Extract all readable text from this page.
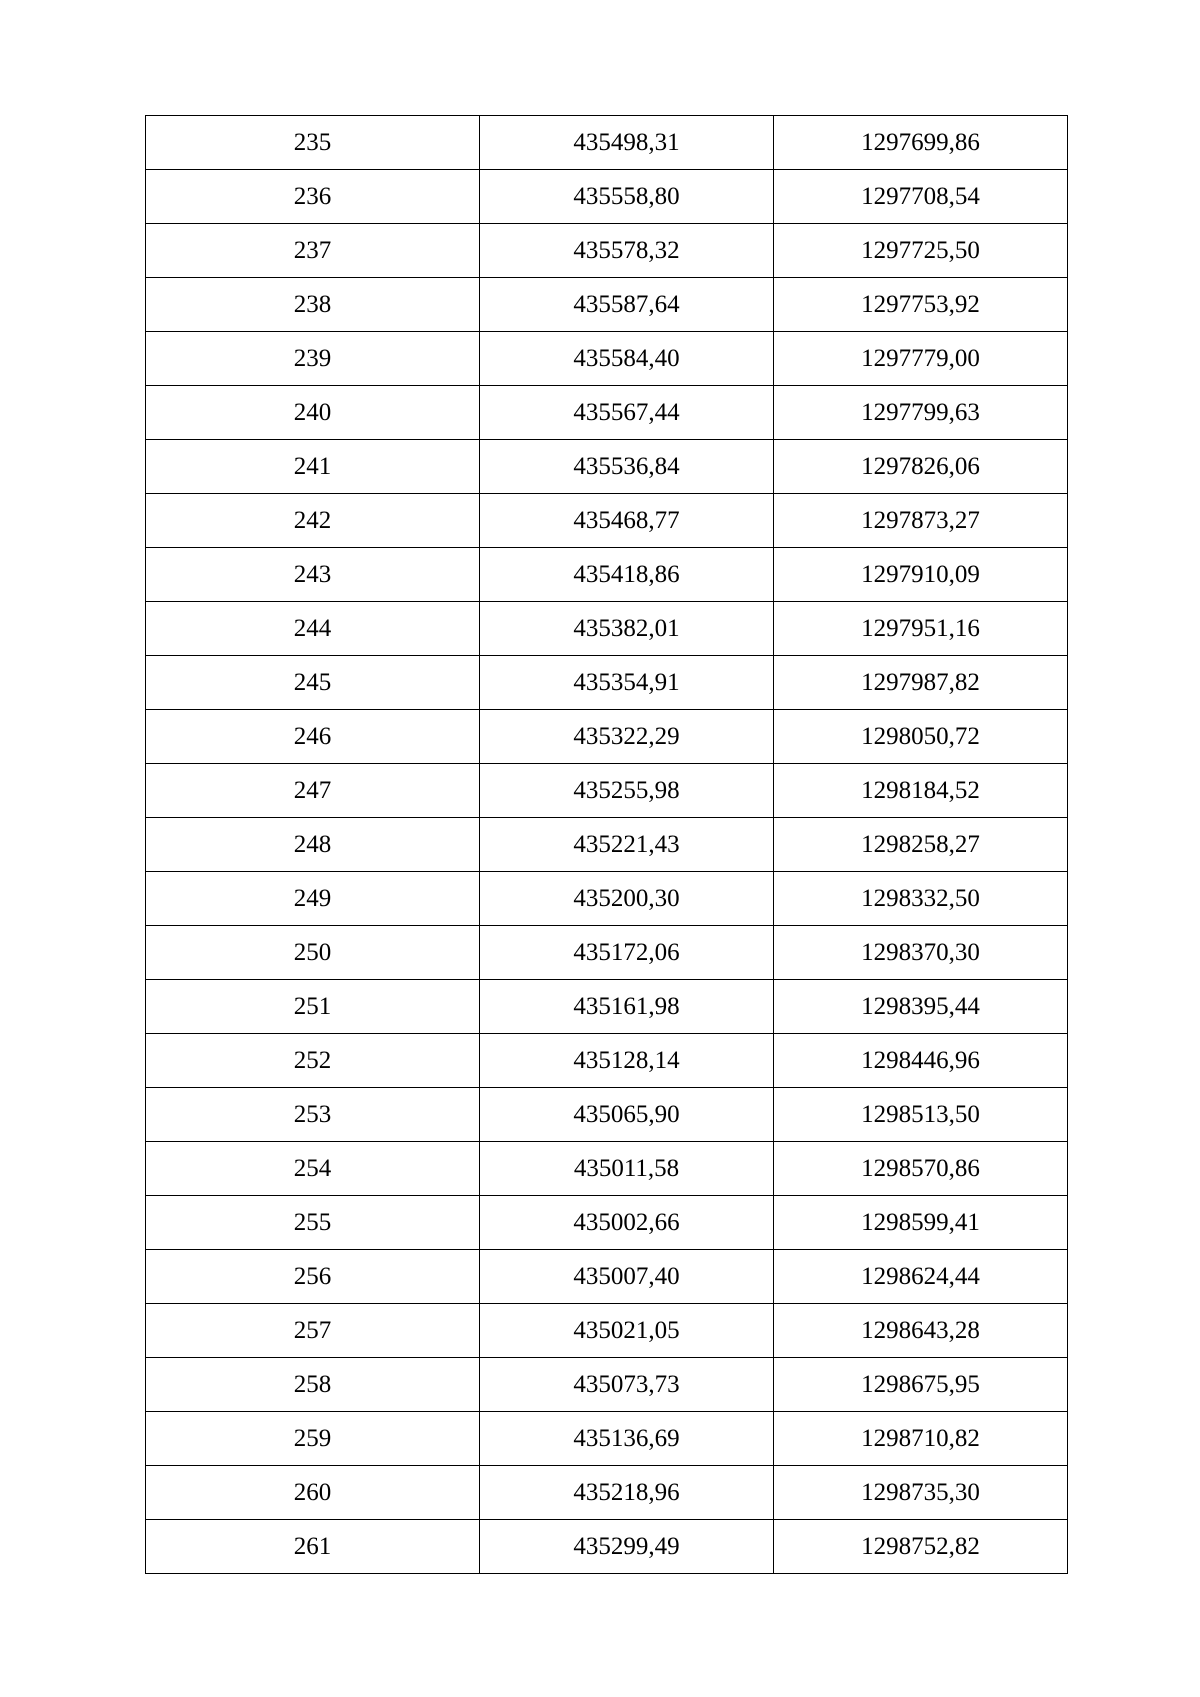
235	435498,31	1297699,86
236	435558,80	1297708,54
237	435578,32	1297725,50
238	435587,64	1297753,92
239	435584,40	1297779,00
240	435567,44	1297799,63
241	435536,84	1297826,06
242	435468,77	1297873,27
243	435418,86	1297910,09
244	435382,01	1297951,16
245	435354,91	1297987,82
246	435322,29	1298050,72
247	435255,98	1298184,52
248	435221,43	1298258,27
249	435200,30	1298332,50
250	435172,06	1298370,30
251	435161,98	1298395,44
252	435128,14	1298446,96
253	435065,90	1298513,50
254	435011,58	1298570,86
255	435002,66	1298599,41
256	435007,40	1298624,44
257	435021,05	1298643,28
258	435073,73	1298675,95
259	435136,69	1298710,82
260	435218,96	1298735,30
261	435299,49	1298752,82
